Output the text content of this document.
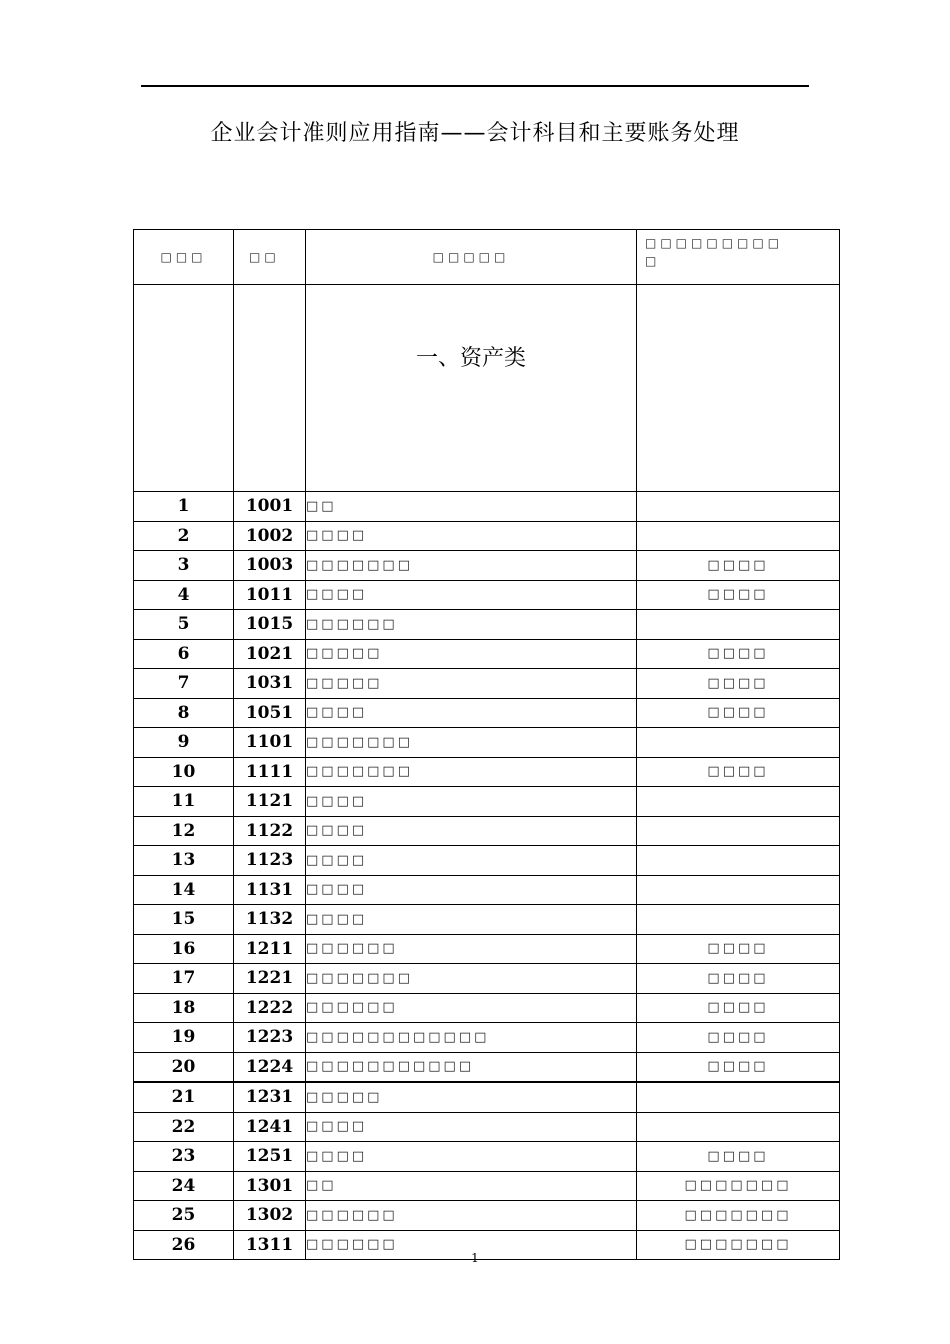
企业会计准则应用指南——会计科目和主要账务处理
□□□	□□	□□□□□	□□□□□□□□□
□
		一、资产类	
1	1001	□□	
2	1002	□□□□	
3	1003	□□□□□□□	□□□□
4	1011	□□□□	□□□□
5	1015	□□□□□□	
6	1021	□□□□□	□□□□
7	1031	□□□□□	□□□□
8	1051	□□□□	□□□□
9	1101	□□□□□□□	
10	1111	□□□□□□□	□□□□
11	1121	□□□□	
12	1122	□□□□	
13	1123	□□□□	
14	1131	□□□□	
15	1132	□□□□	
16	1211	□□□□□□	□□□□
17	1221	□□□□□□□	□□□□
18	1222	□□□□□□	□□□□
19	1223	□□□□□□□□□□□□	□□□□
20	1224	□□□□□□□□□□□	□□□□
21	1231	□□□□□	
22	1241	□□□□	
23	1251	□□□□	□□□□
24	1301	□□	□□□□□□□
25	1302	□□□□□□	□□□□□□□
26	1311	□□□□□□	□□□□□□□
1
